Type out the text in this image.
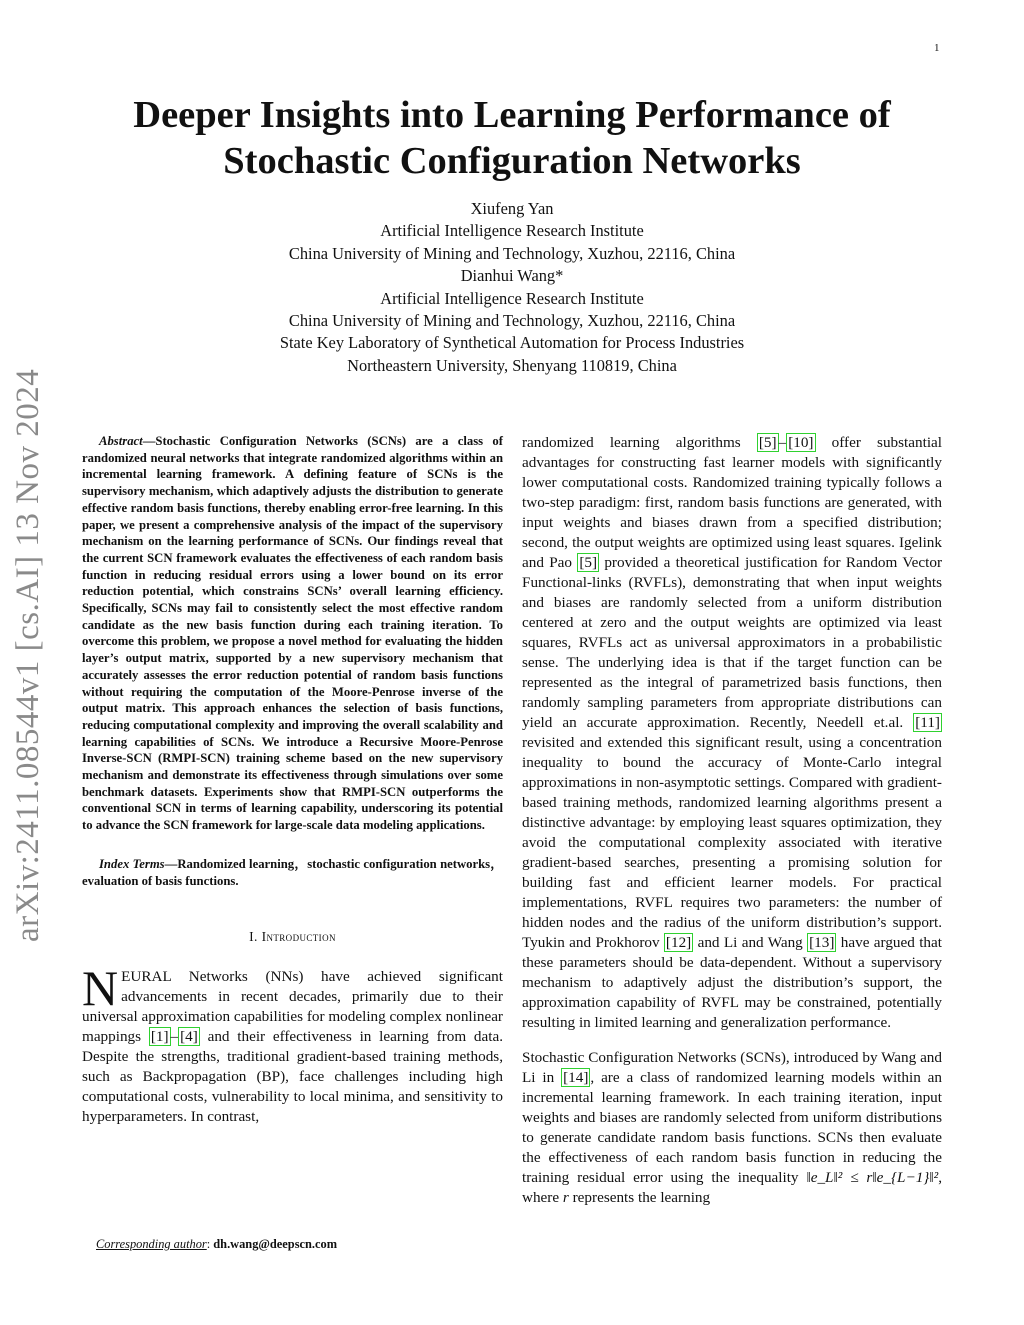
1
arXiv:2411.08544v1 [cs.AI] 13 Nov 2024
Deeper Insights into Learning Performance of
Stochastic Configuration Networks
Xiufeng Yan
Artificial Intelligence Research Institute
China University of Mining and Technology, Xuzhou, 22116, China
Dianhui Wang*
Artificial Intelligence Research Institute
China University of Mining and Technology, Xuzhou, 22116, China
State Key Laboratory of Synthetical Automation for Process Industries
Northeastern University, Shenyang 110819, China

Abstract—Stochastic Configuration Networks (SCNs) are a class of randomized neural networks that integrate randomized algorithms within an incremental learning framework. A defining feature of SCNs is the supervisory mechanism, which adaptively adjusts the distribution to generate effective random basis functions, thereby enabling error-free learning. In this paper, we present a comprehensive analysis of the impact of the supervisory mechanism on the learning performance of SCNs. Our findings reveal that the current SCN framework evaluates the effectiveness of each random basis function in reducing residual errors using a lower bound on its error reduction potential, which constrains SCNs’ overall learning efficiency. Specifically, SCNs may fail to consistently select the most effective random candidate as the new basis function during each training iteration. To overcome this problem, we propose a novel method for evaluating the hidden layer’s output matrix, supported by a new supervisory mechanism that accurately assesses the error reduction potential of random basis functions without requiring the computation of the Moore-Penrose inverse of the output matrix. This approach enhances the selection of basis functions, reducing computational complexity and improving the overall scalability and learning capabilities of SCNs. We introduce a Recursive Moore-Penrose Inverse-SCN (RMPI-SCN) training scheme based on the new supervisory mechanism and demonstrate its effectiveness through simulations over some benchmark datasets. Experiments show that RMPI-SCN outperforms the conventional SCN in terms of learning capability, underscoring its potential to advance the SCN framework for large-scale data modeling applications.

Index Terms—Randomized learning，stochastic configuration networks，evaluation of basis functions.

I. Introduction

NEURAL Networks (NNs) have achieved significant advancements in recent decades, primarily due to their universal approximation capabilities for modeling complex nonlinear mappings [1] – [4] and their effectiveness in learning from data. Despite the strengths, traditional gradient-based training methods, such as Backpropagation (BP), face challenges including high computational costs, vulnerability to local minima, and sensitivity to hyperparameters. In contrast,

randomized learning algorithms [5] – [10] offer substantial advantages for constructing fast learner models with significantly lower computational costs. Randomized training typically follows a two-step paradigm: first, random basis functions are generated, with input weights and biases drawn from a specified distribution; second, the output weights are optimized using least squares. Igelink and Pao [5] provided a theoretical justification for Random Vector Functional-links (RVFLs), demonstrating that when input weights and biases are randomly selected from a uniform distribution centered at zero and the output weights are optimized via least squares, RVFLs act as universal approximators in a probabilistic sense. The underlying idea is that if the target function can be represented as the integral of parametrized basis functions, then randomly sampling parameters from appropriate distributions can yield an accurate approximation. Recently, Needell et.al. [11] revisited and extended this significant result, using a concentration inequality to bound the accuracy of Monte-Carlo integral approximations in non-asymptotic settings. Compared with gradient-based training methods, randomized learning algorithms present a distinctive advantage: by employing least squares optimization, they avoid the computational complexity associated with iterative gradient-based searches, presenting a promising solution for building fast and efficient learner models. For practical implementations, RVFL requires two parameters: the number of hidden nodes and the radius of the uniform distribution’s support. Tyukin and Prokhorov [12] and Li and Wang [13] have argued that these parameters should be data-dependent. Without a supervisory mechanism to adaptively adjust the distribution’s support, the approximation capability of RVFL may be constrained, potentially resulting in limited learning and generalization performance.

Stochastic Configuration Networks (SCNs), introduced by Wang and Li in [14] , are a class of randomized learning models within an incremental learning framework. In each training iteration, input weights and biases are randomly selected from uniform distributions to generate candidate random basis functions. SCNs then evaluate the effectiveness of each random basis function in reducing the training residual error using the inequality ‖e_L‖² ≤ r‖e_{L−1}‖², where r represents the learning

Corresponding author: dh.wang@deepscn.com
